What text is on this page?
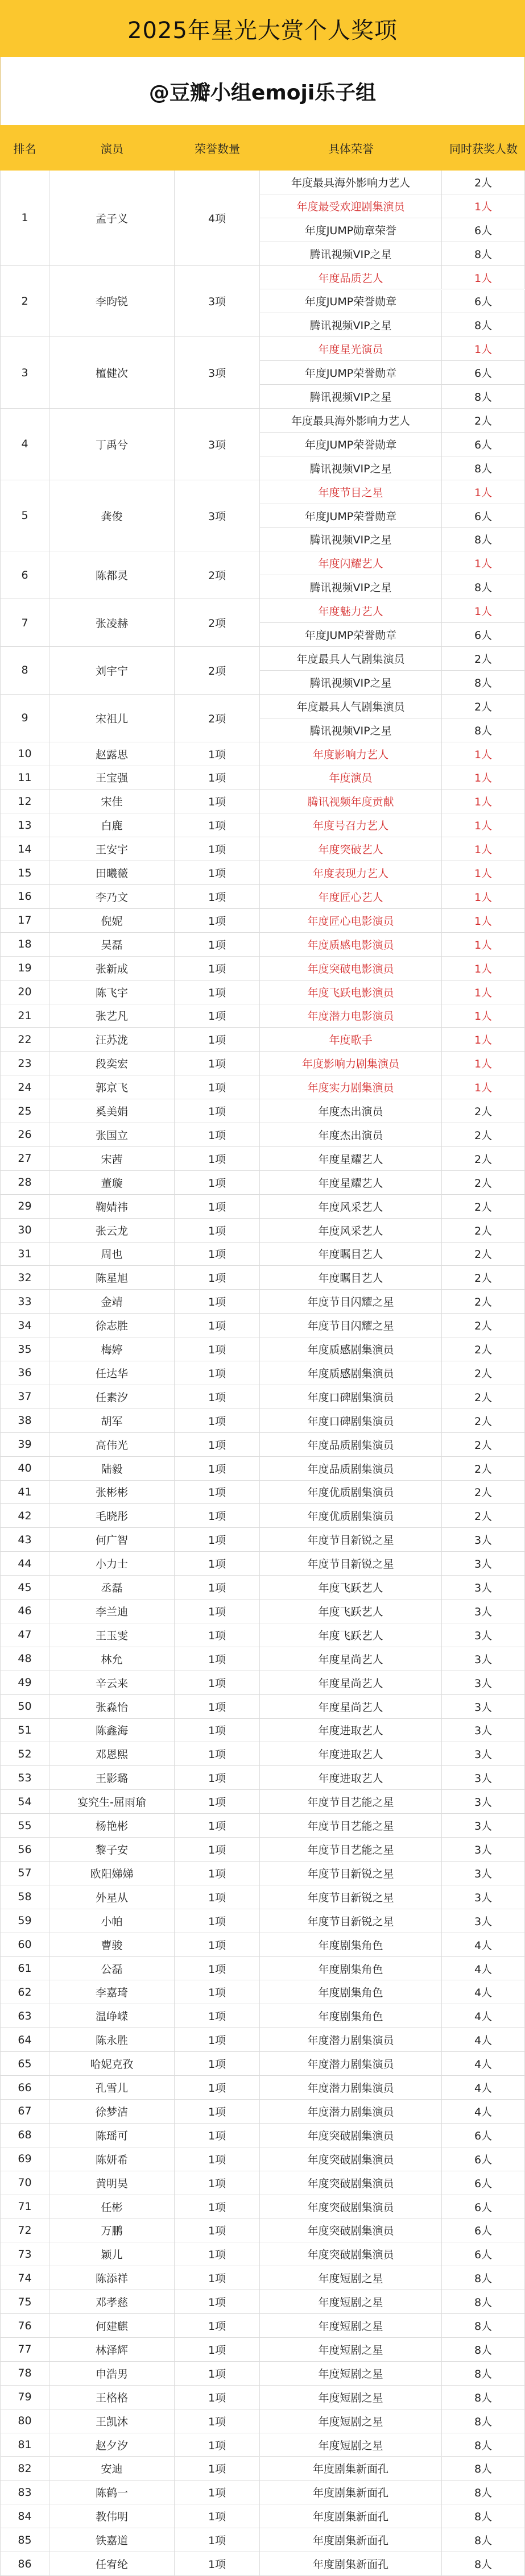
2025年星光大赏个人奖项
@豆瓣小组emoji乐子组
排名	演员	荣誉数量	具体荣誉	同时获奖人数
1	孟子义	4项
年度最具海外影响力艺人	2人
年度最受欢迎剧集演员	1人
年度JUMP勋章荣誉	6人
腾讯视频VIP之星	8人
2	李昀锐	3项
年度品质艺人	1人
年度JUMP荣誉勋章	6人
腾讯视频VIP之星	8人
3	檀健次	3项
年度星光演员	1人
年度JUMP荣誉勋章	6人
腾讯视频VIP之星	8人
4	丁禹兮	3项
年度最具海外影响力艺人	2人
年度JUMP荣誉勋章	6人
腾讯视频VIP之星	8人
5	龚俊	3项
年度节目之星	1人
年度JUMP荣誉勋章	6人
腾讯视频VIP之星	8人
6	陈都灵	2项
年度闪耀艺人	1人
腾讯视频VIP之星	8人
7	张凌赫	2项
年度魅力艺人	1人
年度JUMP荣誉勋章	6人
8	刘宇宁	2项
年度最具人气剧集演员	2人
腾讯视频VIP之星	8人
9	宋祖儿	2项
年度最具人气剧集演员	2人
腾讯视频VIP之星	8人
10	赵露思	1项	年度影响力艺人	1人
11	王宝强	1项	年度演员	1人
12	宋佳	1项	腾讯视频年度贡献	1人
13	白鹿	1项	年度号召力艺人	1人
14	王安宇	1项	年度突破艺人	1人
15	田曦薇	1项	年度表现力艺人	1人
16	李乃文	1项	年度匠心艺人	1人
17	倪妮	1项	年度匠心电影演员	1人
18	吴磊	1项	年度质感电影演员	1人
19	张新成	1项	年度突破电影演员	1人
20	陈飞宇	1项	年度飞跃电影演员	1人
21	张艺凡	1项	年度潜力电影演员	1人
22	汪苏泷	1项	年度歌手	1人
23	段奕宏	1项	年度影响力剧集演员	1人
24	郭京飞	1项	年度实力剧集演员	1人
25	奚美娟	1项	年度杰出演员	2人
26	张国立	1项	年度杰出演员	2人
27	宋茜	1项	年度星耀艺人	2人
28	董璇	1项	年度星耀艺人	2人
29	鞠婧祎	1项	年度风采艺人	2人
30	张云龙	1项	年度风采艺人	2人
31	周也	1项	年度瞩目艺人	2人
32	陈星旭	1项	年度瞩目艺人	2人
33	金靖	1项	年度节目闪耀之星	2人
34	徐志胜	1项	年度节目闪耀之星	2人
35	梅婷	1项	年度质感剧集演员	2人
36	任达华	1项	年度质感剧集演员	2人
37	任素汐	1项	年度口碑剧集演员	2人
38	胡军	1项	年度口碑剧集演员	2人
39	高伟光	1项	年度品质剧集演员	2人
40	陆毅	1项	年度品质剧集演员	2人
41	张彬彬	1项	年度优质剧集演员	2人
42	毛晓彤	1项	年度优质剧集演员	2人
43	何广智	1项	年度节目新锐之星	3人
44	小力士	1项	年度节目新锐之星	3人
45	丞磊	1项	年度飞跃艺人	3人
46	李兰迪	1项	年度飞跃艺人	3人
47	王玉雯	1项	年度飞跃艺人	3人
48	林允	1项	年度星尚艺人	3人
49	辛云来	1项	年度星尚艺人	3人
50	张淼怡	1项	年度星尚艺人	3人
51	陈鑫海	1项	年度进取艺人	3人
52	邓恩熙	1项	年度进取艺人	3人
53	王影璐	1项	年度进取艺人	3人
54	宴究生-屈雨瑜	1项	年度节目艺能之星	3人
55	杨艳彬	1项	年度节目艺能之星	3人
56	黎子安	1项	年度节目艺能之星	3人
57	欧阳娣娣	1项	年度节目新锐之星	3人
58	外星从	1项	年度节目新锐之星	3人
59	小帕	1项	年度节目新锐之星	3人
60	曹骏	1项	年度剧集角色	4人
61	公磊	1项	年度剧集角色	4人
62	李嘉琦	1项	年度剧集角色	4人
63	温峥嵘	1项	年度剧集角色	4人
64	陈永胜	1项	年度潜力剧集演员	4人
65	哈妮克孜	1项	年度潜力剧集演员	4人
66	孔雪儿	1项	年度潜力剧集演员	4人
67	徐梦洁	1项	年度潜力剧集演员	4人
68	陈瑶可	1项	年度突破剧集演员	6人
69	陈妍希	1项	年度突破剧集演员	6人
70	黄明昊	1项	年度突破剧集演员	6人
71	任彬	1项	年度突破剧集演员	6人
72	万鹏	1项	年度突破剧集演员	6人
73	颖儿	1项	年度突破剧集演员	6人
74	陈添祥	1项	年度短剧之星	8人
75	邓孝慈	1项	年度短剧之星	8人
76	何建麒	1项	年度短剧之星	8人
77	林泽辉	1项	年度短剧之星	8人
78	申浩男	1项	年度短剧之星	8人
79	王格格	1项	年度短剧之星	8人
80	王凯沐	1项	年度短剧之星	8人
81	赵夕汐	1项	年度短剧之星	8人
82	安迪	1项	年度剧集新面孔	8人
83	陈鹤一	1项	年度剧集新面孔	8人
84	教伟明	1项	年度剧集新面孔	8人
85	铁嘉道	1项	年度剧集新面孔	8人
86	任宥纶	1项	年度剧集新面孔	8人
